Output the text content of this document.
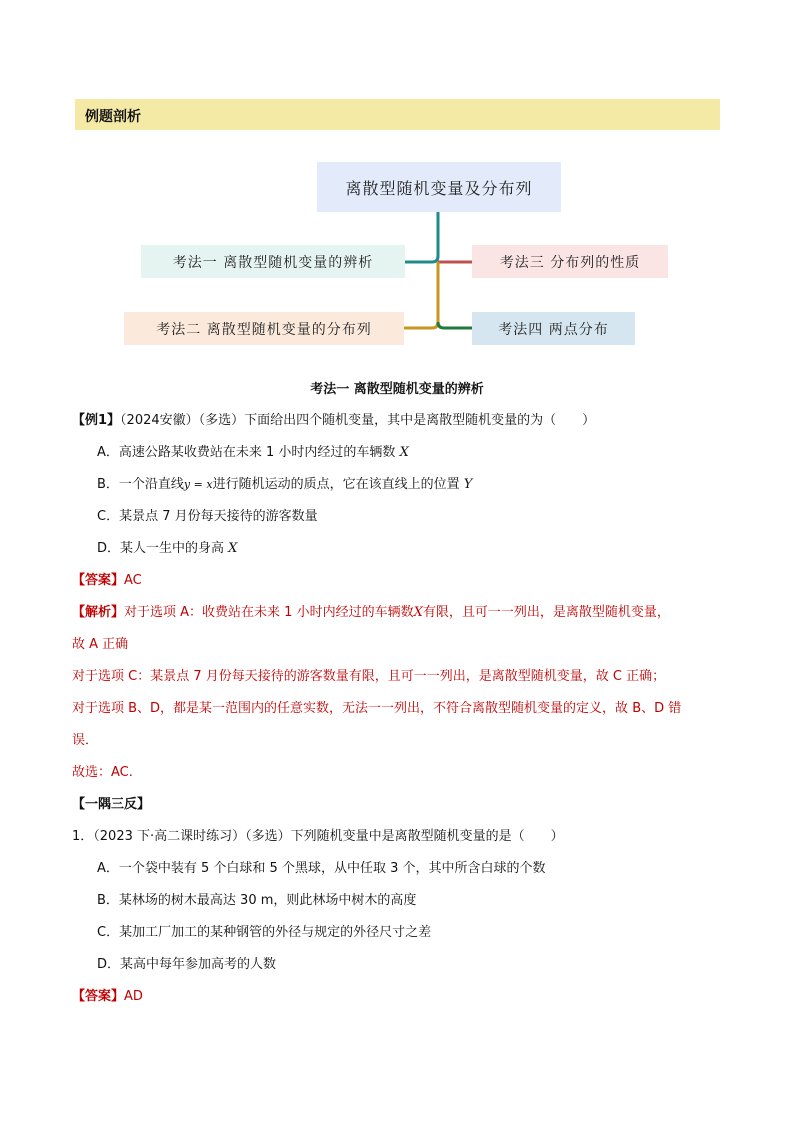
例题剖析
离散型随机变量及分布列
考法一 离散型随机变量的辨析
考法二 离散型随机变量的分布列
考法三 分布列的性质
考法四 两点分布
考法一 离散型随机变量的辨析
【例1】（2024安徽）（多选）下面给出四个随机变量，其中是离散型随机变量的为（　　）
A．高速公路某收费站在未来 1 小时内经过的车辆数 X
B．一个沿直线y = x进行随机运动的质点，它在该直线上的位置 Y
C．某景点 7 月份每天接待的游客数量
D．某人一生中的身高 X
【答案】AC
【解析】对于选项 A：收费站在未来 1 小时内经过的车辆数X有限，且可一一列出，是离散型随机变量，
故 A 正确
对于选项 C：某景点 7 月份每天接待的游客数量有限，且可一一列出，是离散型随机变量，故 C 正确；
对于选项 B、D，都是某一范围内的任意实数，无法一一列出，不符合离散型随机变量的定义，故 B、D 错
误．
故选：AC.
【一隅三反】
1．（2023 下·高二课时练习）（多选）下列随机变量中是离散型随机变量的是（　　）
A．一个袋中装有 5 个白球和 5 个黑球，从中任取 3 个，其中所含白球的个数
B．某林场的树木最高达 30 m，则此林场中树木的高度
C．某加工厂加工的某种钢管的外径与规定的外径尺寸之差
D．某高中每年参加高考的人数
【答案】AD
